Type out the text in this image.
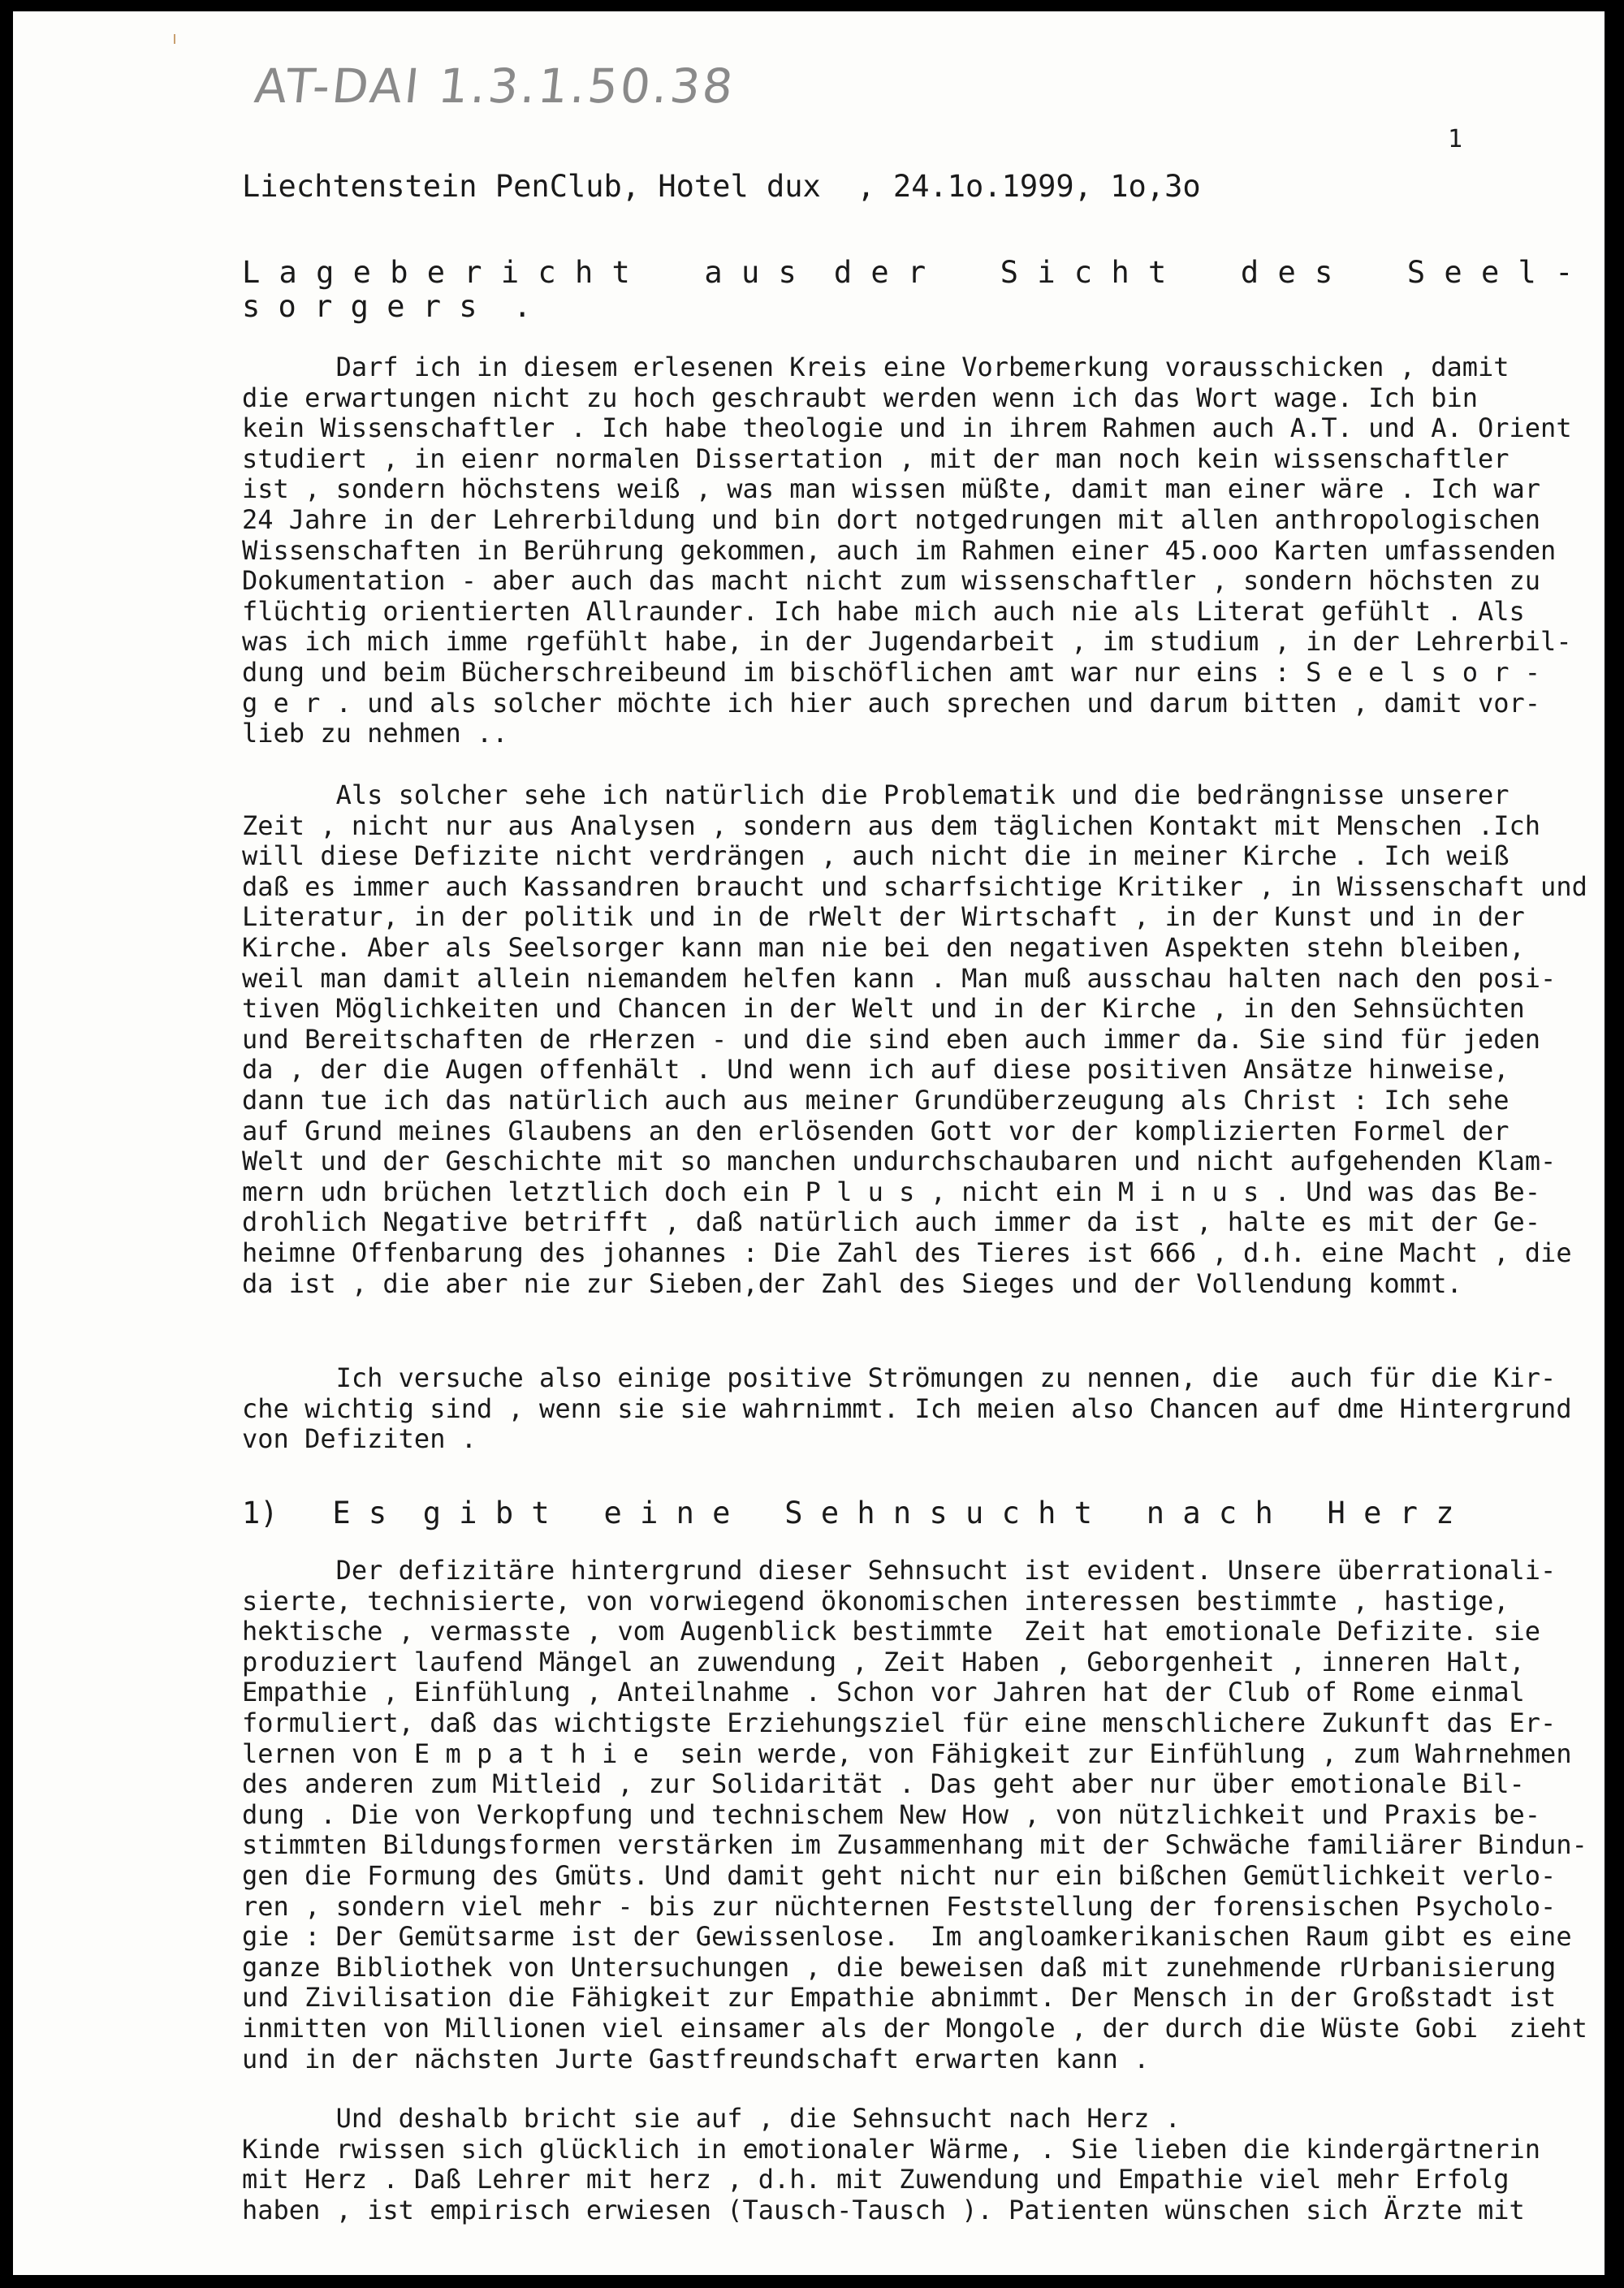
AT-DAI 1.3.1.50.38
1
Liechtenstein PenClub, Hotel dux  , 24.1o.1999, 1o,3o
L a g e b e r i c h t    a u s  d e r    S i c h t    d e s    S e e l -
s o r g e r s  .
Darf ich in diesem erlesenen Kreis eine Vorbemerkung vorausschicken , damit
die erwartungen nicht zu hoch geschraubt werden wenn ich das Wort wage. Ich bin
kein Wissenschaftler . Ich habe theologie und in ihrem Rahmen auch A.T. und A. Orient
studiert , in eienr normalen Dissertation , mit der man noch kein wissenschaftler
ist , sondern höchstens weiß , was man wissen müßte, damit man einer wäre . Ich war
24 Jahre in der Lehrerbildung und bin dort notgedrungen mit allen anthropologischen
Wissenschaften in Berührung gekommen, auch im Rahmen einer 45.ooo Karten umfassenden
Dokumentation - aber auch das macht nicht zum wissenschaftler , sondern höchsten zu
flüchtig orientierten Allraunder. Ich habe mich auch nie als Literat gefühlt . Als
was ich mich imme rgefühlt habe, in der Jugendarbeit , im studium , in der Lehrerbil-
dung und beim Bücherschreibeund im bischöflichen amt war nur eins : S e e l s o r -
g e r . und als solcher möchte ich hier auch sprechen und darum bitten , damit vor-
lieb zu nehmen ..
Als solcher sehe ich natürlich die Problematik und die bedrängnisse unserer
Zeit , nicht nur aus Analysen , sondern aus dem täglichen Kontakt mit Menschen .Ich
will diese Defizite nicht verdrängen , auch nicht die in meiner Kirche . Ich weiß
daß es immer auch Kassandren braucht und scharfsichtige Kritiker , in Wissenschaft und
Literatur, in der politik und in de rWelt der Wirtschaft , in der Kunst und in der
Kirche. Aber als Seelsorger kann man nie bei den negativen Aspekten stehn bleiben,
weil man damit allein niemandem helfen kann . Man muß ausschau halten nach den posi-
tiven Möglichkeiten und Chancen in der Welt und in der Kirche , in den Sehnsüchten
und Bereitschaften de rHerzen - und die sind eben auch immer da. Sie sind für jeden
da , der die Augen offenhält . Und wenn ich auf diese positiven Ansätze hinweise,
dann tue ich das natürlich auch aus meiner Grundüberzeugung als Christ : Ich sehe
auf Grund meines Glaubens an den erlösenden Gott vor der komplizierten Formel der
Welt und der Geschichte mit so manchen undurchschaubaren und nicht aufgehenden Klam-
mern udn brüchen letztlich doch ein P l u s , nicht ein M i n u s . Und was das Be-
drohlich Negative betrifft , daß natürlich auch immer da ist , halte es mit der Ge-
heimne Offenbarung des johannes : Die Zahl des Tieres ist 666 , d.h. eine Macht , die
da ist , die aber nie zur Sieben,der Zahl des Sieges und der Vollendung kommt.
Ich versuche also einige positive Strömungen zu nennen, die  auch für die Kir-
che wichtig sind , wenn sie sie wahrnimmt. Ich meien also Chancen auf dme Hintergrund
von Defiziten .
1)   E s  g i b t   e i n e   S e h n s u c h t   n a c h   H e r z
Der defizitäre hintergrund dieser Sehnsucht ist evident. Unsere überrationali-
sierte, technisierte, von vorwiegend ökonomischen interessen bestimmte , hastige,
hektische , vermasste , vom Augenblick bestimmte  Zeit hat emotionale Defizite. sie
produziert laufend Mängel an zuwendung , Zeit Haben , Geborgenheit , inneren Halt,
Empathie , Einfühlung , Anteilnahme . Schon vor Jahren hat der Club of Rome einmal
formuliert, daß das wichtigste Erziehungsziel für eine menschlichere Zukunft das Er-
lernen von E m p a t h i e  sein werde, von Fähigkeit zur Einfühlung , zum Wahrnehmen
des anderen zum Mitleid , zur Solidarität . Das geht aber nur über emotionale Bil-
dung . Die von Verkopfung und technischem New How , von nützlichkeit und Praxis be-
stimmten Bildungsformen verstärken im Zusammenhang mit der Schwäche familiärer Bindun-
gen die Formung des Gmüts. Und damit geht nicht nur ein bißchen Gemütlichkeit verlo-
ren , sondern viel mehr - bis zur nüchternen Feststellung der forensischen Psycholo-
gie : Der Gemütsarme ist der Gewissenlose.  Im angloamkerikanischen Raum gibt es eine
ganze Bibliothek von Untersuchungen , die beweisen daß mit zunehmende rUrbanisierung
und Zivilisation die Fähigkeit zur Empathie abnimmt. Der Mensch in der Großstadt ist
inmitten von Millionen viel einsamer als der Mongole , der durch die Wüste Gobi  zieht
und in der nächsten Jurte Gastfreundschaft erwarten kann .
Und deshalb bricht sie auf , die Sehnsucht nach Herz .
Kinde rwissen sich glücklich in emotionaler Wärme, . Sie lieben die kindergärtnerin
mit Herz . Daß Lehrer mit herz , d.h. mit Zuwendung und Empathie viel mehr Erfolg
haben , ist empirisch erwiesen (Tausch-Tausch ). Patienten wünschen sich Ärzte mit
